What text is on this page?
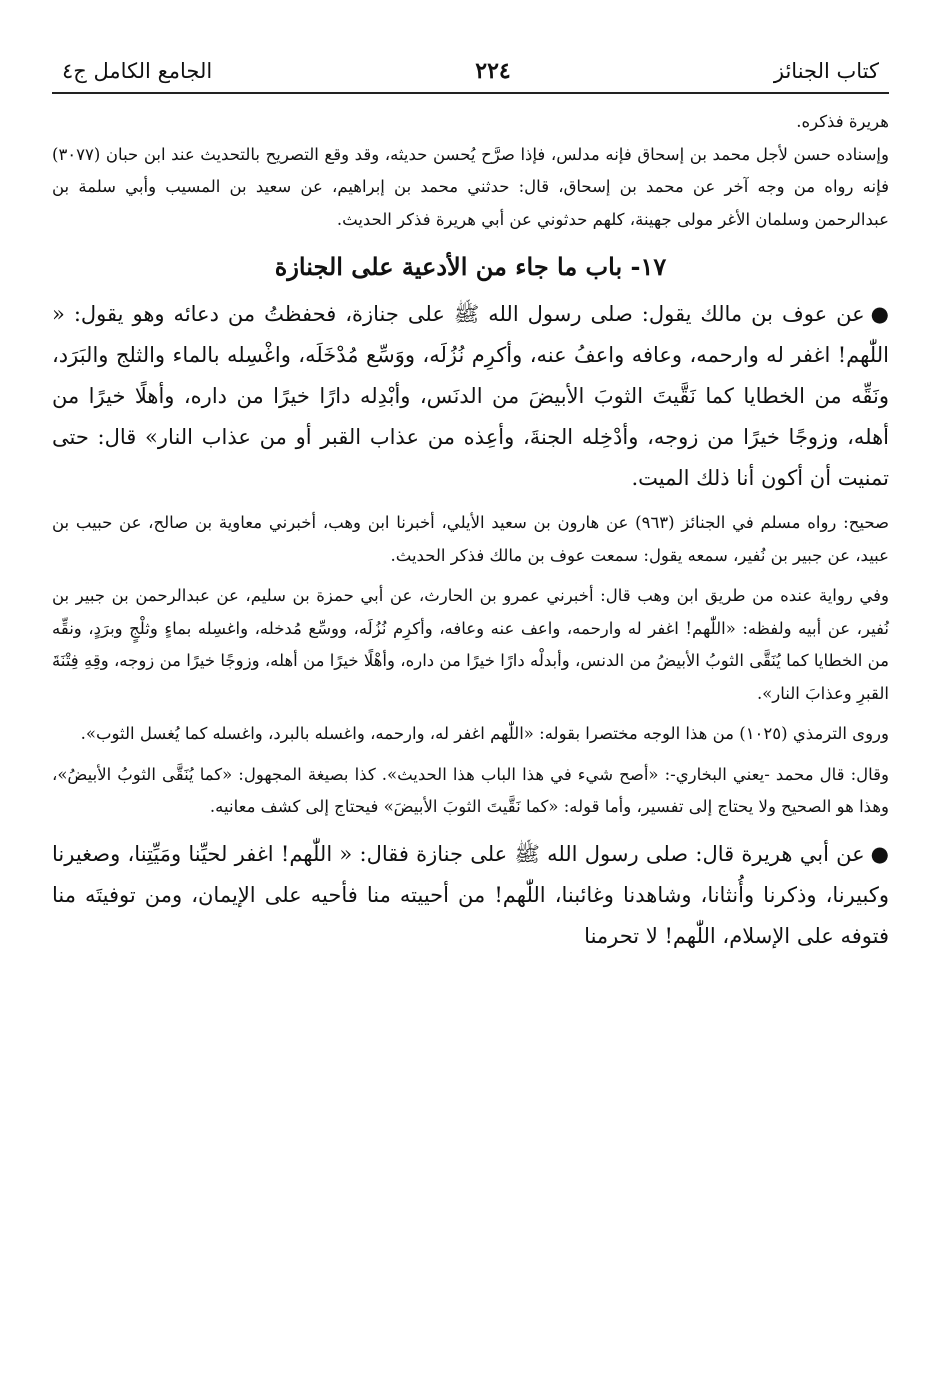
كتاب الجنائز
٢٢٤
الجامع الكامل ج٤

هريرة فذكره.

وإسناده حسن لأجل محمد بن إسحاق فإنه مدلس، فإذا صرَّح يُحسن حديثه، وقد وقع التصريح بالتحديث عند ابن حبان (٣٠٧٧) فإنه رواه من وجه آخر عن محمد بن إسحاق، قال: حدثني محمد بن إبراهيم، عن سعيد بن المسيب وأبي سلمة بن عبدالرحمن وسلمان الأغر مولى جهينة، كلهم حدثوني عن أبي هريرة فذكر الحديث.

١٧- باب ما جاء من الأدعية على الجنازة

●عن عوف بن مالك يقول: صلى رسول الله ﷺ على جنازة، فحفظتُ من دعائه وهو يقول: « اللّٰهم! اغفر له وارحمه، وعافه واعفُ عنه، وأكرِم نُزُلَه، ووَسِّع مُدْخَلَه، واغْسِله بالماء والثلج والبَرَد، ونَقِّه من الخطايا كما نَقَّيتَ الثوبَ الأبيضَ من الدنَس، وأبْدِله دارًا خيرًا من داره، وأهلًا خيرًا من أهله، وزوجًا خيرًا من زوجه، وأدْخِله الجنةَ، وأعِذه من عذاب القبر أو من عذاب النار» قال: حتى تمنيت أن أكون أنا ذلك الميت.

صحيح: رواه مسلم في الجنائز (٩٦٣) عن هارون بن سعيد الأيلي، أخبرنا ابن وهب، أخبرني معاوية بن صالح، عن حبيب بن عبيد، عن جبير بن نُفير، سمعه يقول: سمعت عوف بن مالك فذكر الحديث.

وفي رواية عنده من طريق ابن وهب قال: أخبرني عمرو بن الحارث، عن أبي حمزة بن سليم، عن عبدالرحمن بن جبير بن نُفير، عن أبيه ولفظه: «اللّٰهم! اغفر له وارحمه، واعف عنه وعافه، وأكرِم نُزُلَه، ووسِّع مُدخله، واغسِله بماءٍ وثلْجٍ وبرَدٍ، ونقِّه من الخطايا كما يُنَقَّى الثوبُ الأبيضُ من الدنس، وأبدلْه دارًا خيرًا من داره، وأهْلًا خيرًا من أهله، وزوجًا خيرًا من زوجه، وقِهِ فِتْنَةَ القبرِ وعذابَ النار».

وروى الترمذي (١٠٢٥) من هذا الوجه مختصرا بقوله: «اللّٰهم اغفر له، وارحمه، واغسله بالبرد، واغسله كما يُغسل الثوب».

وقال: قال محمد -يعني البخاري-: «أصح شيء في هذا الباب هذا الحديث». كذا بصيغة المجهول: «كما يُنَقَّى الثوبُ الأبيضُ»، وهذا هو الصحيح ولا يحتاج إلى تفسير، وأما قوله: «كما نَقَّيتَ الثوبَ الأبيضَ» فيحتاج إلى كشف معانيه.

●عن أبي هريرة قال: صلى رسول الله ﷺ على جنازة فقال: « اللّٰهم! اغفر لحيِّنا ومَيِّتِنا، وصغيرنا وكبيرنا، وذكرنا وأُنثانا، وشاهدنا وغائبنا، اللّٰهم! من أحييته منا فأحيه على الإيمان، ومن توفيتَه منا فتوفه على الإسلام، اللّٰهم! لا تحرمنا
